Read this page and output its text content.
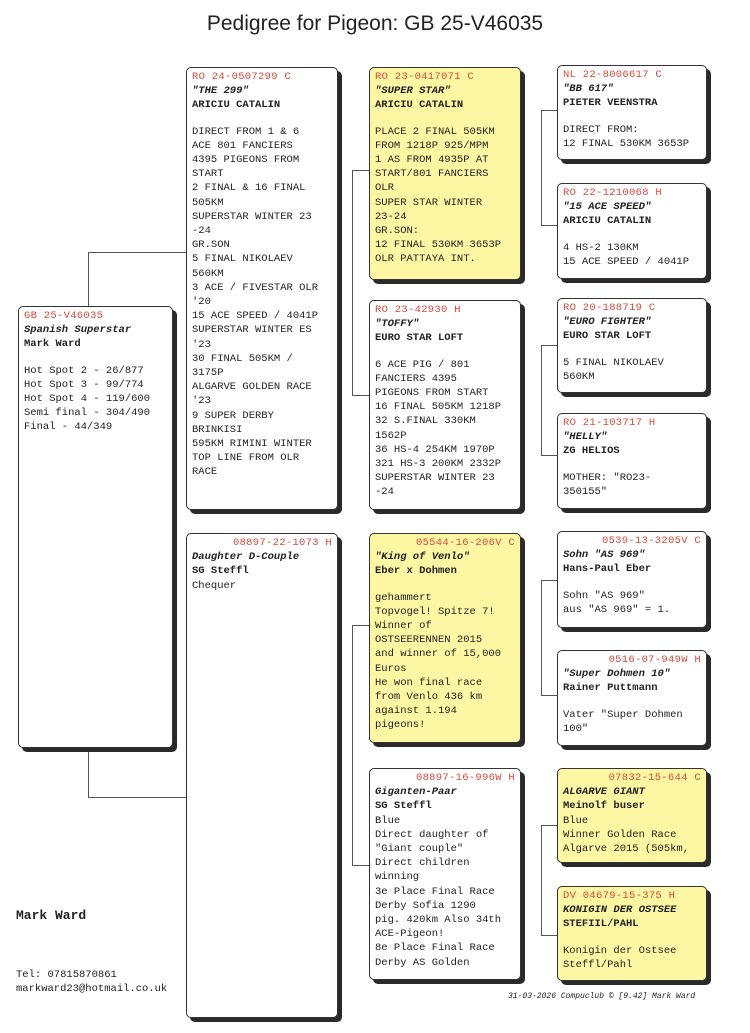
Pedigree for Pigeon: GB 25-V46035
GB 25-V46035
Spanish Superstar
Mark Ward
Hot Spot 2 - 26/877
Hot Spot 3 - 99/774
Hot Spot 4 - 119/600
Semi final - 304/490
Final - 44/349
RO 24-0507299 C
"THE 299"
ARICIU CATALIN
DIRECT FROM 1 & 6
ACE 801 FANCIERS
4395 PIGEONS FROM
START
2 FINAL & 16 FINAL
505KM
SUPERSTAR WINTER 23
-24
GR.SON
5 FINAL NIKOLAEV
560KM
3 ACE / FIVESTAR OLR
'20
15 ACE SPEED / 4041P
SUPERSTAR WINTER ES
'23
30 FINAL 505KM /
3175P
ALGARVE GOLDEN RACE
'23
9 SUPER DERBY
BRINKISI
595KM RIMINI WINTER
TOP LINE FROM OLR
RACE
08897-22-1073 H
Daughter D-Couple
SG Steffl
Chequer
RO 23-0417071 C
"SUPER STAR"
ARICIU CATALIN
PLACE 2 FINAL 505KM
FROM 1218P 925/MPM
1 AS FROM 4935P AT
START/801 FANCIERS
OLR
SUPER STAR WINTER
23-24
GR.SON:
12 FINAL 530KM 3653P
OLR PATTAYA INT.
RO 23-42930 H
"TOFFY"
EURO STAR LOFT
6 ACE PIG / 801
FANCIERS 4395
PIGEONS FROM START
16 FINAL 505KM 1218P
32 S.FINAL 330KM
1562P
36 HS-4 254KM 1970P
321 HS-3 200KM 2332P
SUPERSTAR WINTER 23
-24
05544-16-206V C
"King of Venlo"
Eber x Dohmen
gehammert
Topvogel! Spitze 7!
Winner of
OSTSEERENNEN 2015
and winner of 15,000
Euros
He won final race
from Venlo 436 km
against 1.194
pigeons!
08897-16-996W H
Giganten-Paar
SG Steffl
Blue
Direct daughter of
"Giant couple"
Direct children
winning
3e Place Final Race
Derby Sofia 1290
pig. 420km Also 34th
ACE-Pigeon!
8e Place Final Race
Derby AS Golden
NL 22-8006617 C
"BB 617"
PIETER VEENSTRA
DIRECT FROM:
12 FINAL 530KM 3653P
RO 22-1210068 H
"15 ACE SPEED"
ARICIU CATALIN
4 HS-2 130KM
15 ACE SPEED / 4041P
RO 20-188719 C
"EURO FIGHTER"
EURO STAR LOFT
5 FINAL NIKOLAEV
560KM
RO 21-103717 H
"HELLY"
ZG HELIOS
MOTHER: "RO23-
350155"
0539-13-3205V C
Sohn "AS 969"
Hans-Paul Eber
Sohn "AS 969"
aus "AS 969" = 1.
0516-07-949W H
"Super Dohmen 10"
Rainer Puttmann
Vater "Super Dohmen
100"
07832-15-644 C
ALGARVE GIANT
Meinolf buser
Blue
Winner Golden Race
Algarve 2015 (505km,
DV 04679-15-375 H
KONIGIN DER OSTSEE
STEFIIL/PAHL
Konigin der Ostsee
Steffl/Pahl
Mark Ward
Tel: 07815870861
markward23@hotmail.co.uk
31-03-2026 Compuclub © [9.42] Mark Ward
